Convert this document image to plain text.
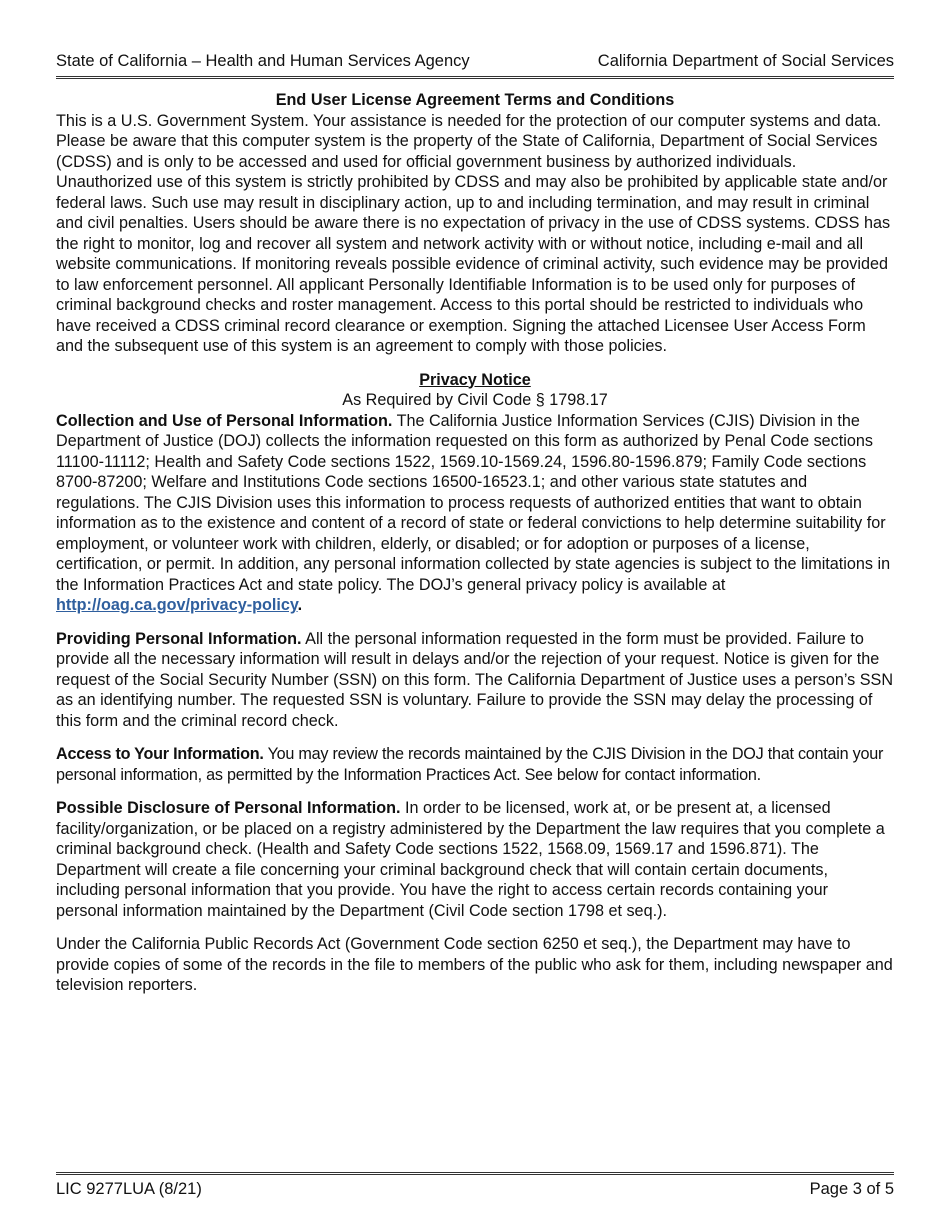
State of California – Health and Human Services Agency	California Department of Social Services

End User License Agreement Terms and Conditions

This is a U.S. Government System. Your assistance is needed for the protection of our computer systems and data. Please be aware that this computer system is the property of the State of California, Department of Social Services (CDSS) and is only to be accessed and used for official government business by authorized individuals. Unauthorized use of this system is strictly prohibited by CDSS and may also be prohibited by applicable state and/or federal laws. Such use may result in disciplinary action, up to and including termination, and may result in criminal and civil penalties. Users should be aware there is no expectation of privacy in the use of CDSS systems. CDSS has the right to monitor, log and recover all system and network activity with or without notice, including e-mail and all website communications. If monitoring reveals possible evidence of criminal activity, such evidence may be provided to law enforcement personnel. All applicant Personally Identifiable Information is to be used only for purposes of criminal background checks and roster management. Access to this portal should be restricted to individuals who have received a CDSS criminal record clearance or exemption. Signing the attached Licensee User Access Form and the subsequent use of this system is an agreement to comply with those policies.

Privacy Notice

As Required by Civil Code § 1798.17

Collection and Use of Personal Information. The California Justice Information Services (CJIS) Division in the Department of Justice (DOJ) collects the information requested on this form as authorized by Penal Code sections 11100-11112; Health and Safety Code sections 1522, 1569.10-1569.24, 1596.80-1596.879; Family Code sections 8700-87200; Welfare and Institutions Code sections 16500-16523.1; and other various state statutes and regulations. The CJIS Division uses this information to process requests of authorized entities that want to obtain information as to the existence and content of a record of state or federal convictions to help determine suitability for employment, or volunteer work with children, elderly, or disabled; or for adoption or purposes of a license, certification, or permit. In addition, any personal information collected by state agencies is subject to the limitations in the Information Practices Act and state policy. The DOJ’s general privacy policy is available at http://oag.ca.gov/privacy-policy.

Providing Personal Information. All the personal information requested in the form must be provided. Failure to provide all the necessary information will result in delays and/or the rejection of your request. Notice is given for the request of the Social Security Number (SSN) on this form. The California Department of Justice uses a person’s SSN as an identifying number. The requested SSN is voluntary. Failure to provide the SSN may delay the processing of this form and the criminal record check.

Access to Your Information. You may review the records maintained by the CJIS Division in the DOJ that contain your personal information, as permitted by the Information Practices Act. See below for contact information.

Possible Disclosure of Personal Information. In order to be licensed, work at, or be present at, a licensed facility/organization, or be placed on a registry administered by the Department the law requires that you complete a criminal background check. (Health and Safety Code sections 1522, 1568.09, 1569.17 and 1596.871). The Department will create a file concerning your criminal background check that will contain certain documents, including personal information that you provide. You have the right to access certain records containing your personal information maintained by the Department (Civil Code section 1798 et seq.).

Under the California Public Records Act (Government Code section 6250 et seq.), the Department may have to provide copies of some of the records in the file to members of the public who ask for them, including newspaper and television reporters.

LIC 9277LUA (8/21)	Page 3 of 5
